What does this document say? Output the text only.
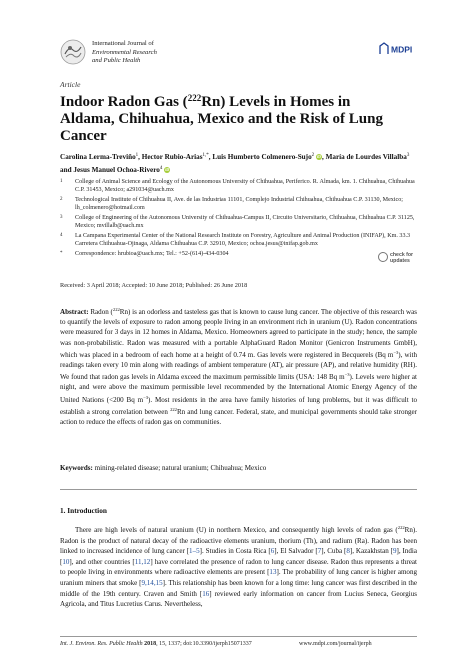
International Journal of
Environmental Research
and Public Health
MDPI
Article
Indoor Radon Gas ($^{222}$Rn) Levels in Homes in Aldama, Chihuahua, Mexico and the Risk of Lung Cancer
Carolina Lerma-Treviño$^1$, Hector Rubio-Arias$^{1,*}$, Luis Humberto Colmenero-Sujo$^2$ iD, María de Lourdes Villalba$^3$ and Jesus Manuel Ochoa-Rivero$^4$ iD
1	College of Animal Science and Ecology of the Autonomous University of Chihuahua, Periferico. R. Almada, km. 1. Chihuahua, Chihuahua C.P. 31453, Mexico; a291034@uach.mx
2	Technological Institute of Chihuahua II, Ave. de las Industrias 11101, Complejo Industrial Chihuahua, Chihuahua C.P. 31130, Mexico; lh_colmenero@hotmail.com
3	College of Engineering of the Autonomous University of Chihuahua-Campus II, Circuito Universitario, Chihuahua, Chihuahua C.P. 31125, Mexico; mvillalb@uach.mx
4	La Campana Experimental Center of the National Research Institute on Forestry, Agriculture and Animal Production (INIFAP), Km. 33.3 Carretera Chihuahua-Ojinaga, Aldama Chihuahua C.P. 32910, Mexico; ochoa.jesus@inifap.gob.mx
*	Correspondence: hrubioa@uach.mx; Tel.: +52-(614)-434-0304	check for
updates
Received: 3 April 2018; Accepted: 10 June 2018; Published: 26 June 2018
Abstract: Radon ($^{222}$Rn) is an odorless and tasteless gas that is known to cause lung cancer. The objective of this research was to quantify the levels of exposure to radon among people living in an environment rich in uranium (U). Radon concentrations were measured for 3 days in 12 homes in Aldama, Mexico. Homeowners agreed to participate in the study; hence, the sample was non-probabilistic. Radon was measured with a portable AlphaGuard Radon Monitor (Genicron Instruments GmbH), which was placed in a bedroom of each home at a height of 0.74 m. Gas levels were registered in Becquerels (Bq $m^{-3}$), with readings taken every 10 min along with readings of ambient temperature (AT), air pressure (AP), and relative humidity (RH). We found that radon gas levels in Aldama exceed the maximum permissible limits (USA: 148 Bq $m^{-3}$). Levels were higher at night, and were above the maximum permissible level recommended by the International Atomic Energy Agency of the United Nations (<200 Bq $m^{-3}$). Most residents in the area have family histories of lung problems, but it was difficult to establish a strong correlation between $^{222}$Rn and lung cancer. Federal, state, and municipal governments should take stronger action to reduce the effects of radon gas on communities.
Keywords: mining-related disease; natural uranium; Chihuahua; Mexico
1. Introduction
There are high levels of natural uranium (U) in northern Mexico, and consequently high levels of radon gas ($^{222}$Rn). Radon is the product of natural decay of the radioactive elements uranium, thorium (Th), and radium (Ra). Radon has been linked to increased incidence of lung cancer [1–5]. Studies in Costa Rica [6], El Salvador [7], Cuba [8], Kazakhstan [9], India [10], and other countries [11,12] have correlated the presence of radon to lung cancer disease. Radon thus represents a threat to people living in environments where radioactive elements are present [13]. The probability of lung cancer is higher among uranium miners that smoke [9,14,15]. This relationship has been known for a long time: lung cancer was first described in the middle of the 19th century. Craven and Smith [16] reviewed early information on cancer from Lucius Seneca, Georgius Agricola, and Titus Lucretius Carus. Nevertheless,
Int. J. Environ. Res. Public Health 2018, 15, 1337; doi:10.3390/ijerph15071337	www.mdpi.com/journal/ijerph
